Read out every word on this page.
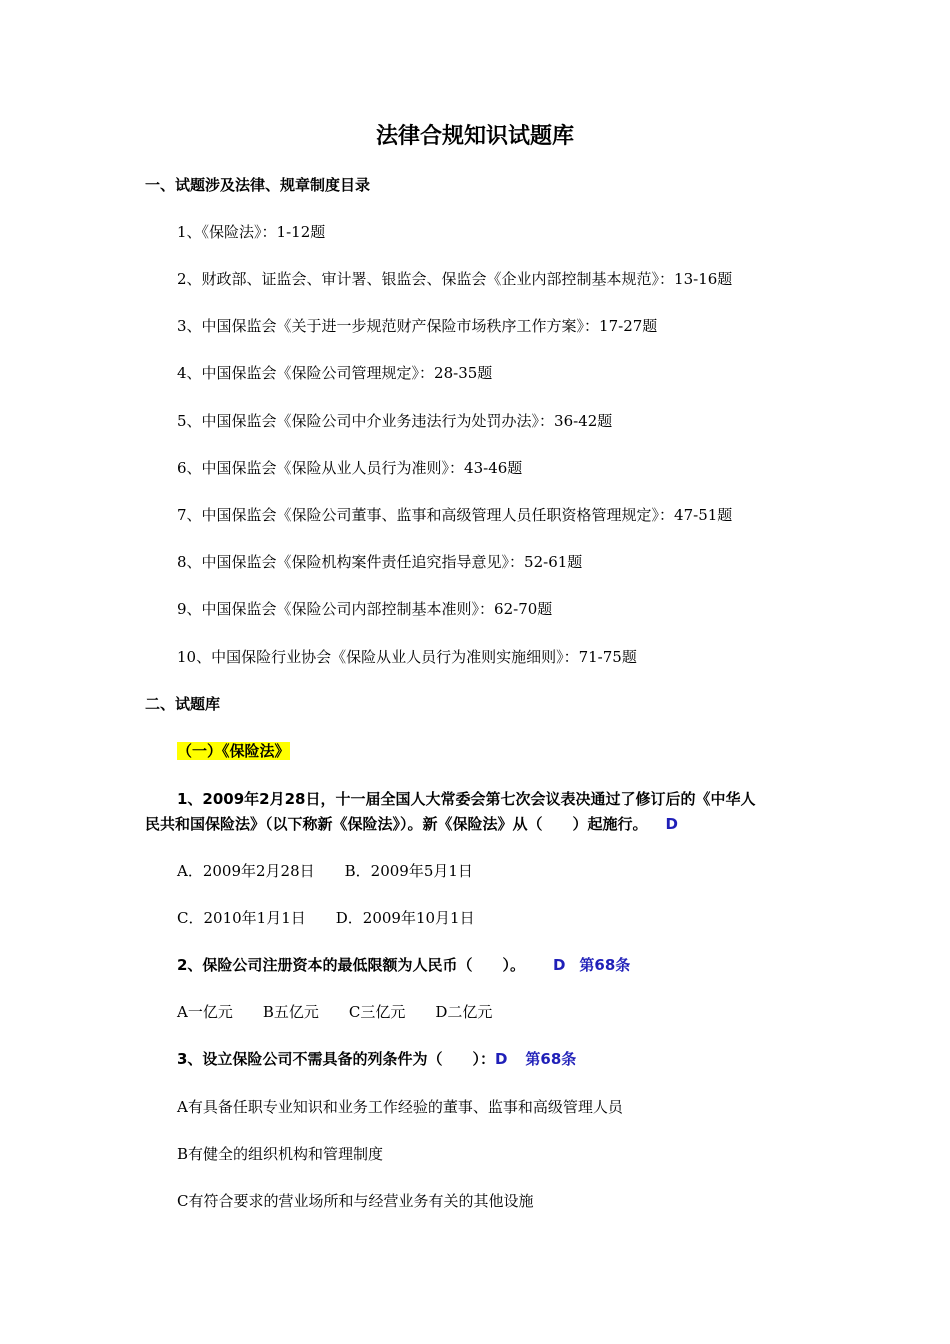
法律合规知识试题库
一、试题涉及法律、规章制度目录
1、《保险法》：1-12题
2、财政部、证监会、审计署、银监会、保监会《企业内部控制基本规范》：13-16题
3、中国保监会《关于进一步规范财产保险市场秩序工作方案》：17-27题
4、中国保监会《保险公司管理规定》：28-35题
5、中国保监会《保险公司中介业务违法行为处罚办法》：36-42题
6、中国保监会《保险从业人员行为准则》：43-46题
7、中国保监会《保险公司董事、监事和高级管理人员任职资格管理规定》：47-51题
8、中国保监会《保险机构案件责任追究指导意见》：52-61题
9、中国保监会《保险公司内部控制基本准则》：62-70题
10、中国保险行业协会《保险从业人员行为准则实施细则》：71-75题
二、试题库
（一）《保险法》
1、2009年2月28日，十一届全国人大常委会第七次会议表决通过了修订后的《中华人
民共和国保险法》（以下称新《保险法》）。新《保险法》从（　　）起施行。 D
A．2009年2月28日 B．2009年5月1日
C．2010年1月1日 D．2009年10月1日
2、保险公司注册资本的最低限额为人民币（　　）。 D 第68条
A一亿元 B五亿元 C三亿元 D二亿元
3、设立保险公司不需具备的列条件为（　　）：D 第68条
A有具备任职专业知识和业务工作经验的董事、监事和高级管理人员
B有健全的组织机构和管理制度
C有符合要求的营业场所和与经营业务有关的其他设施
